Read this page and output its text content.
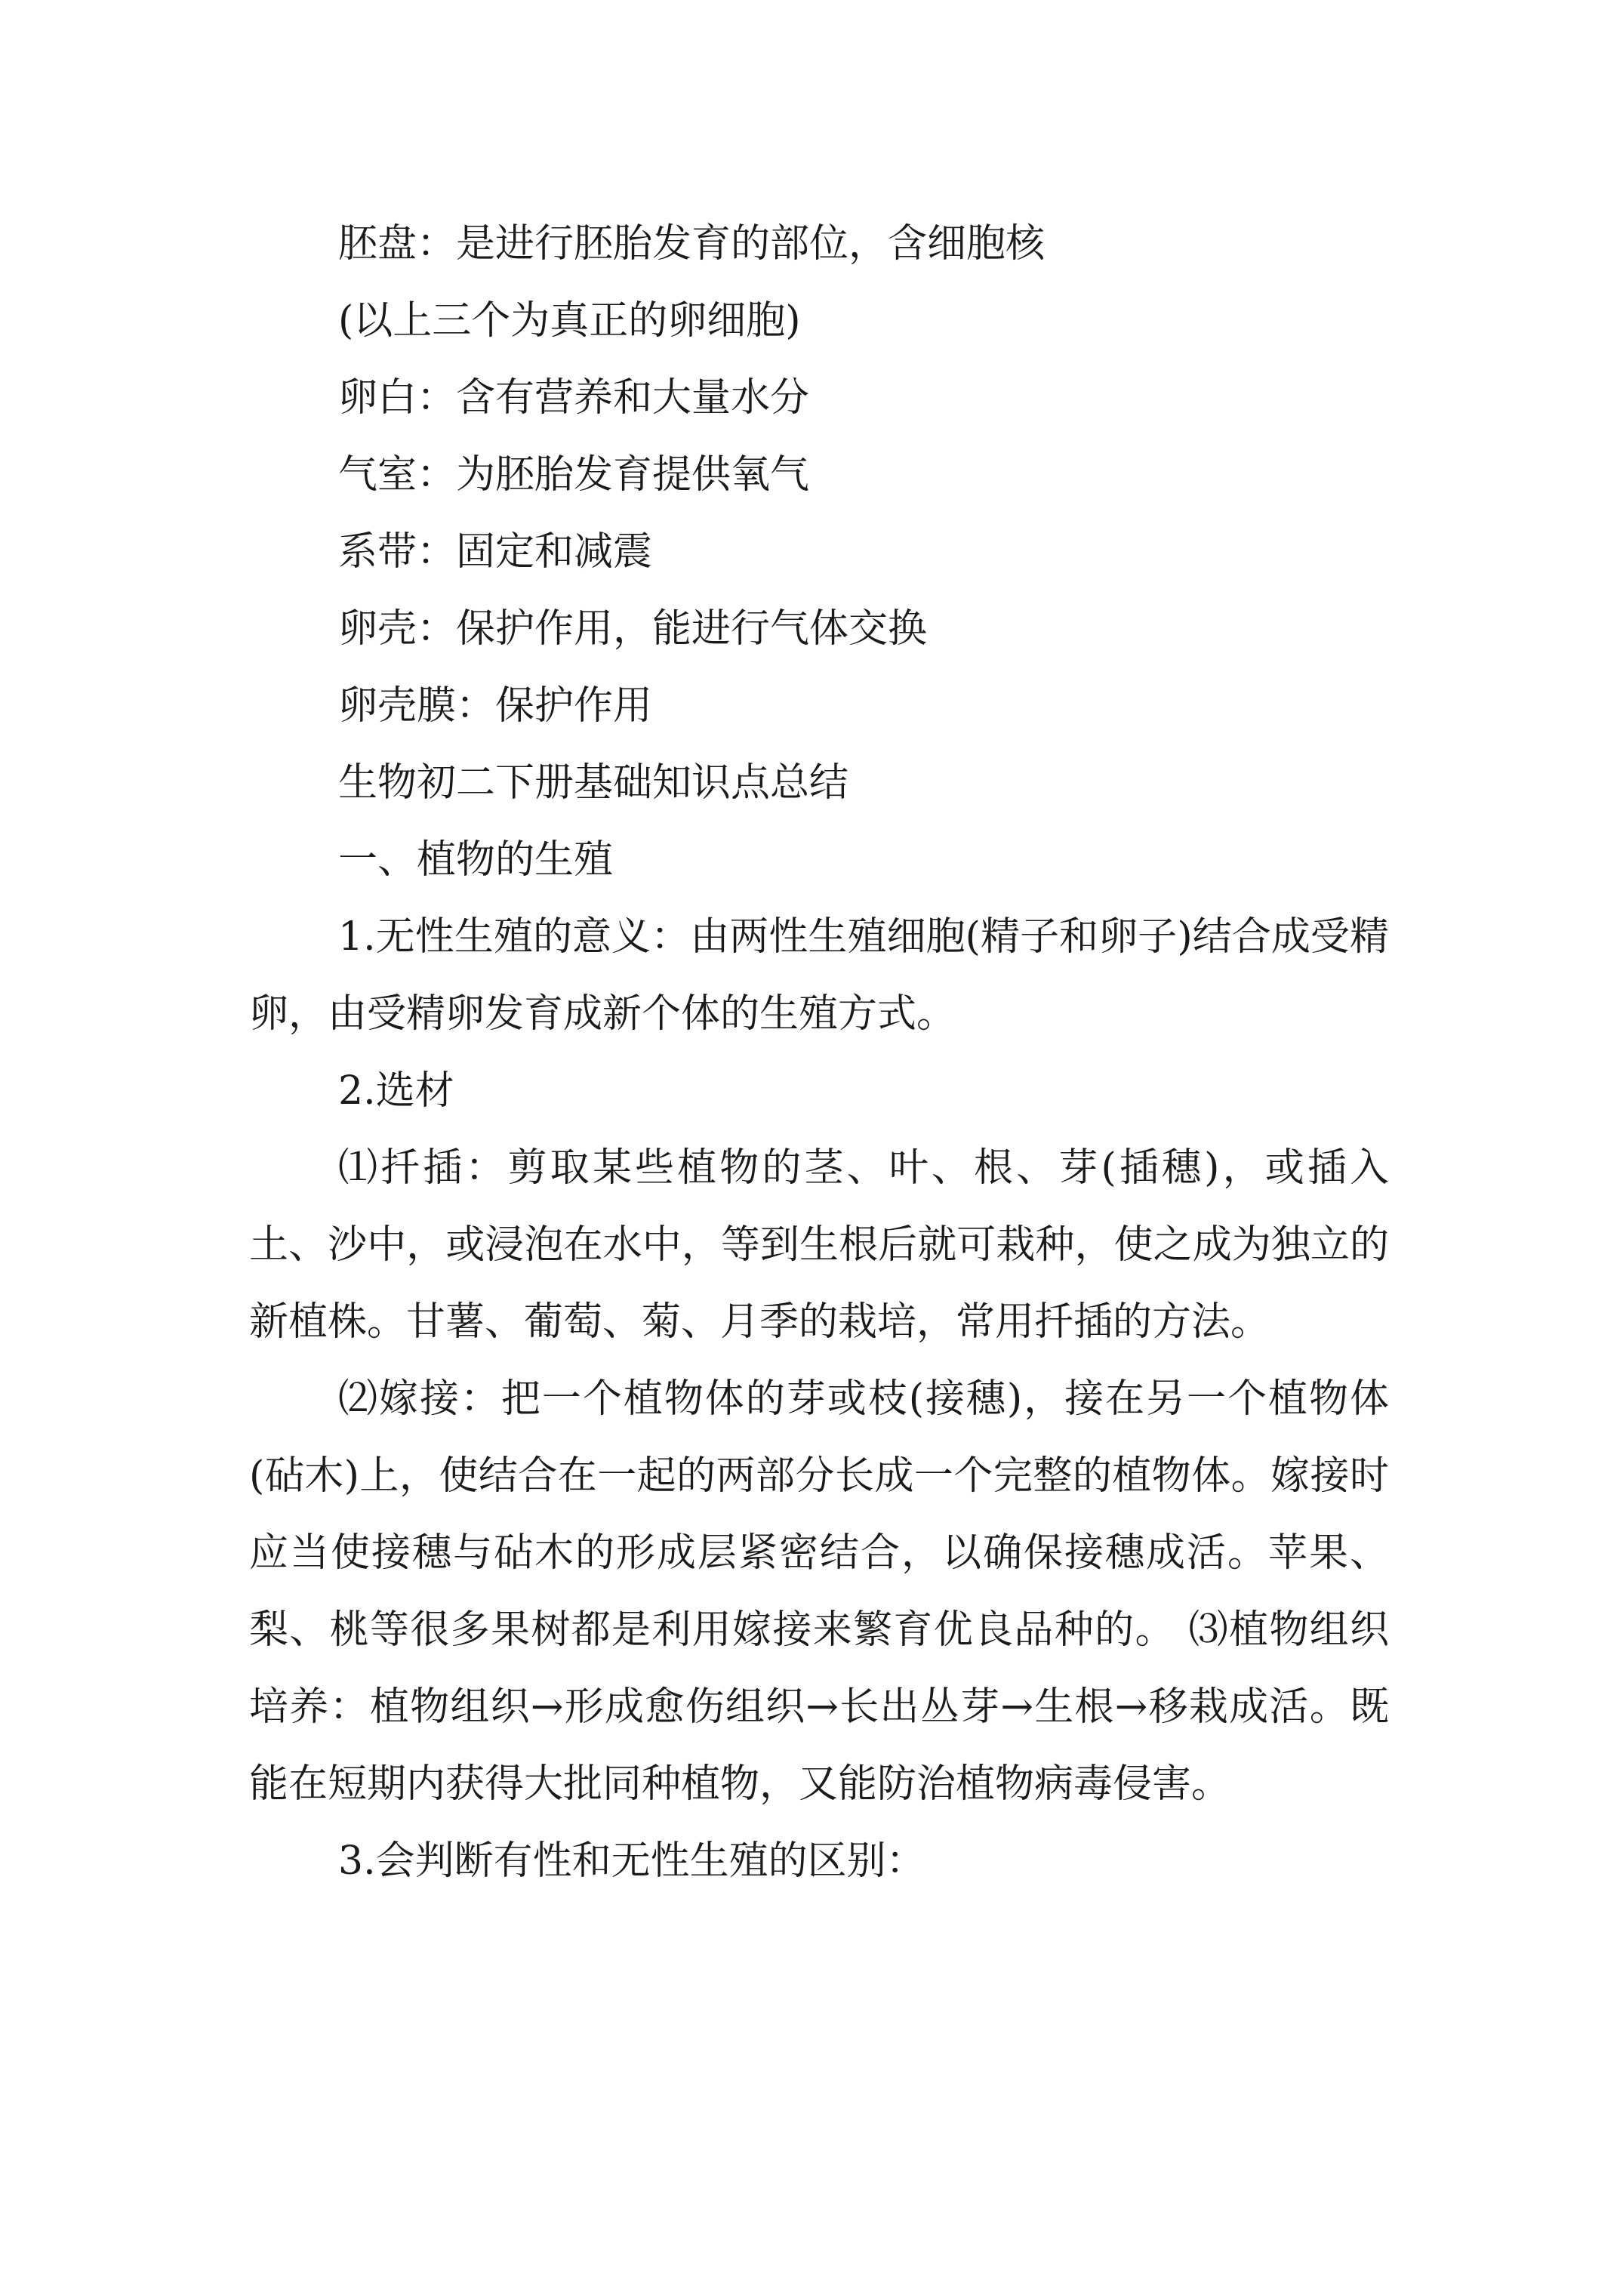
胚盘：是进行胚胎发育的部位，含细胞核

(以上三个为真正的卵细胞)

卵白：含有营养和大量水分

气室：为胚胎发育提供氧气

系带：固定和减震

卵壳：保护作用，能进行气体交换

卵壳膜：保护作用

生物初二下册基础知识点总结

一、植物的生殖

1.无性生殖的意义：由两性生殖细胞(精子和卵子)结合成受精卵，由受精卵发育成新个体的生殖方式。

2.选材

⑴扦插：剪取某些植物的茎、叶、根、芽(插穗)，或插入土、沙中，或浸泡在水中，等到生根后就可栽种，使之成为独立的新植株。甘薯、葡萄、菊、月季的栽培，常用扦插的方法。

⑵嫁接：把一个植物体的芽或枝(接穗)，接在另一个植物体(砧木)上，使结合在一起的两部分长成一个完整的植物体。嫁接时应当使接穗与砧木的形成层紧密结合，以确保接穗成活。苹果、梨、桃等很多果树都是利用嫁接来繁育优良品种的。 ⑶植物组织培养：植物组织→形成愈伤组织→长出丛芽→生根→移栽成活。既能在短期内获得大批同种植物，又能防治植物病毒侵害。

3.会判断有性和无性生殖的区别：
